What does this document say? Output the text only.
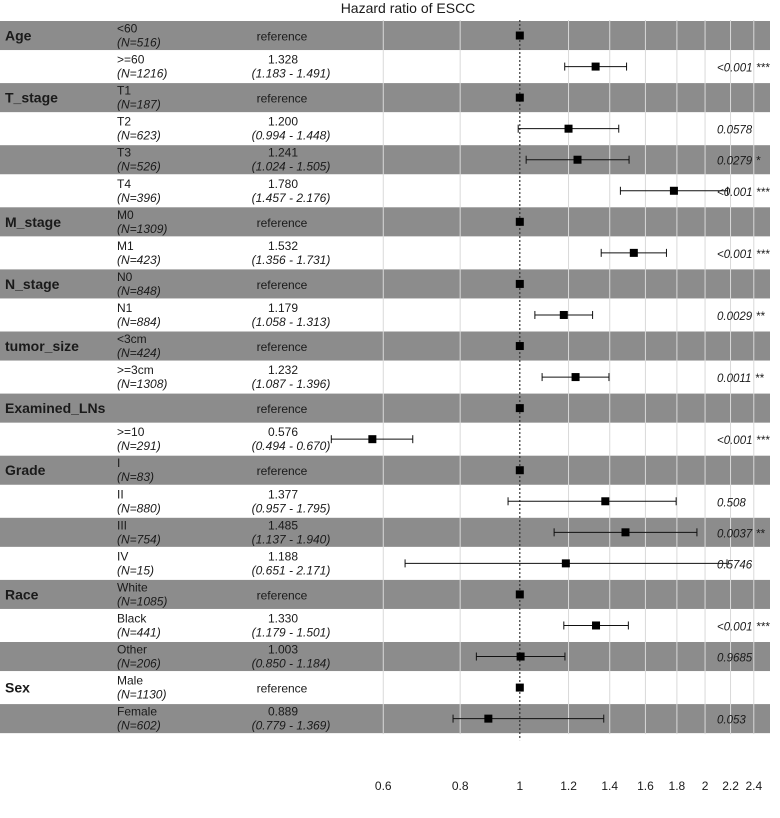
Age	<60
(N=516)	reference
>=60
(N=1216)
1.328
(1.183 - 1.491)	<0.001 ***
T_stage	T1
(N=187)	reference
T2
(N=623)
1.200
(0.994 - 1.448)	0.0578
T3
(N=526)
1.241
(1.024 - 1.505)	0.0279 *
T4
(N=396)
1.780
(1.457 - 2.176)	<0.001 ***
M_stage	M0
(N=1309)	reference
M1
(N=423)
1.532
(1.356 - 1.731)	<0.001 ***
N_stage	N0
(N=848)	reference
N1
(N=884)
1.179
(1.058 - 1.313)	0.0029 **
tumor_size	<3cm
(N=424)	reference
>=3cm
(N=1308)
1.232
(1.087 - 1.396)	0.0011 **
Examined_LNs	reference
>=10
(N=291)
0.576
(0.494 - 0.670)	<0.001 ***
Grade	I
(N=83)	reference
II
(N=880)
1.377
(0.957 - 1.795)	0.508
III
(N=754)
1.485
(1.137 - 1.940)	0.0037 **
IV
(N=15)
1.188
(0.651 - 2.171)	0.5746
Race	White
(N=1085)	reference
Black
(N=441)
1.330
(1.179 - 1.501)	<0.001 ***
Other
(N=206)
1.003
(0.850 - 1.184)	0.9685
Sex	Male
(N=1130)	reference
Female
(N=602)
0.889
(0.779 - 1.369)	0.053
0.6	0.8	1	1.2 1.4 1.6 1.8 2 2.2 2.4
Hazard ratio of ESCC
